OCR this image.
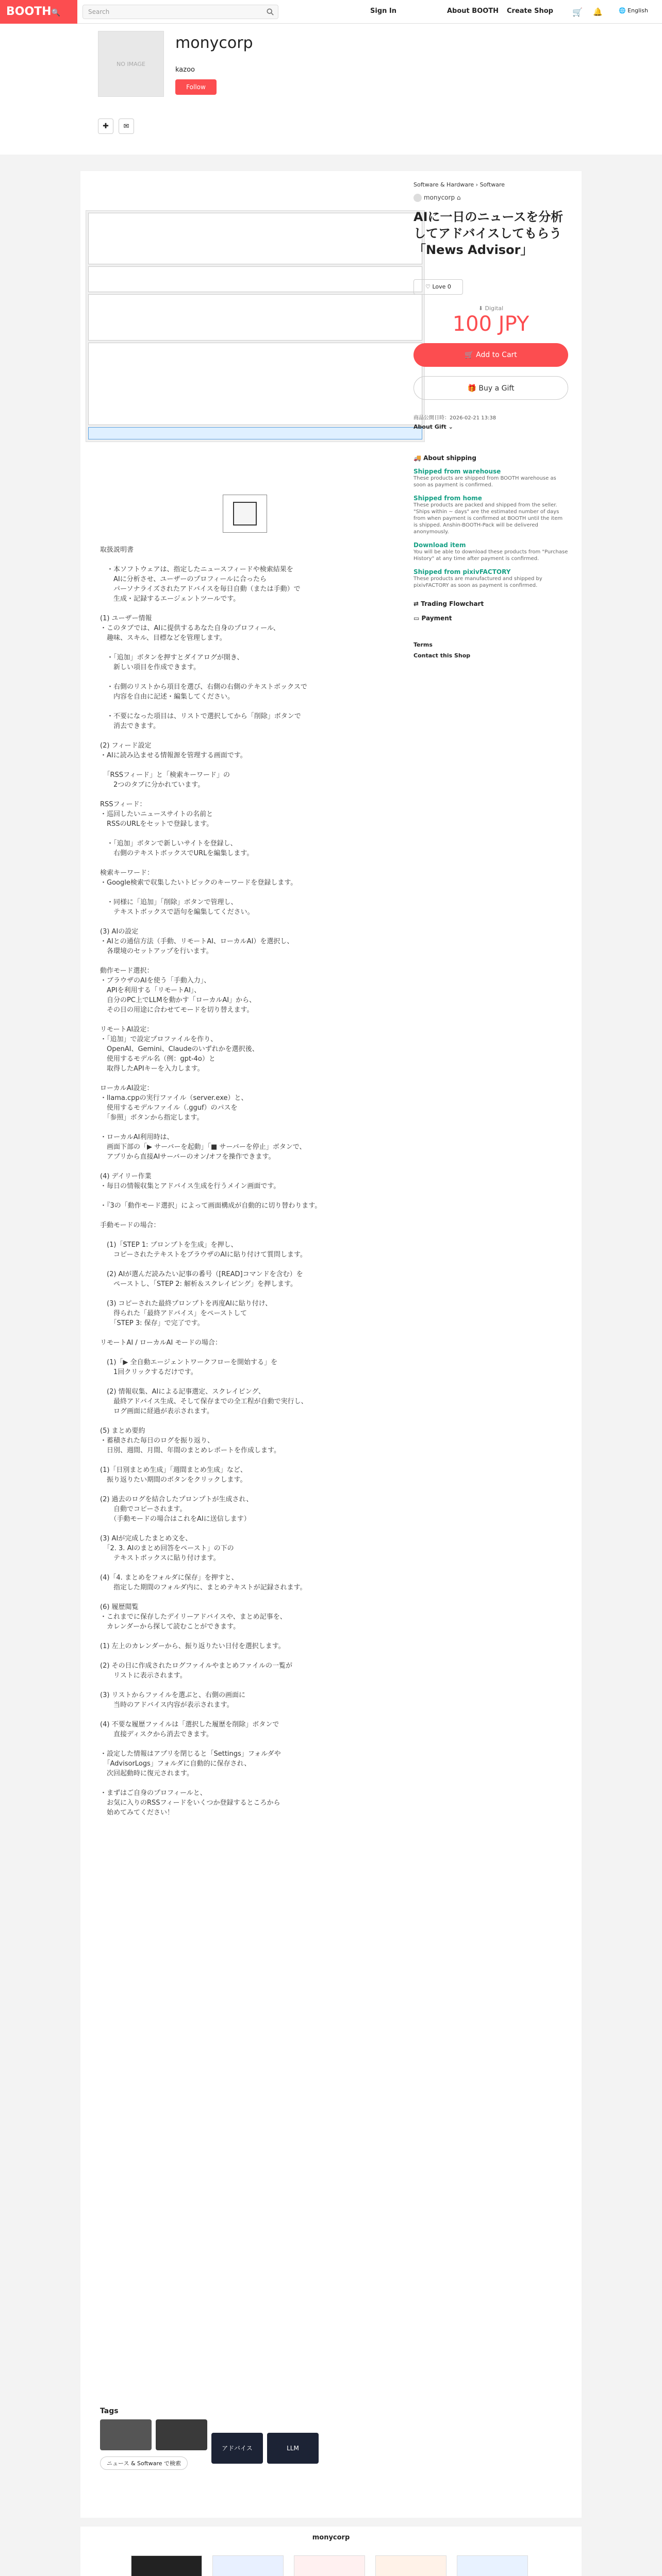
BOOTH🔍	Search	Sign In	About BOOTH Create Shop 🛒 🔔	🌐 English
NO IMAGE
monycorp
kazoo
Follow
✚ ✉
取扱説明書

　・本ソフトウェアは、指定したニュースフィードや検索結果を
　　AIに分析させ、ユーザーのプロフィールに合ったら
　　パーソナライズされたアドバイスを毎日自動（または手動）で
　　生成・記録するエージェントツールです。

(1) ユーザー情報
・このタブでは、AIに提供するあなた自身のプロフィール、
　趣味、スキル、目標などを管理します。

　・「追加」ボタンを押すとダイアログが開き、
　　新しい項目を作成できます。

　・右側のリストから項目を選び、右側の右側のテキストボックスで
　　内容を自由に記述・編集してください。

　・不要になった項目は、リストで選択してから「削除」ボタンで
　　消去できます。

(2) フィード設定
・AIに読み込ませる情報源を管理する画面です。

　「RSSフィード」と「検索キーワード」の
　　2つのタブに分かれています。

RSSフィード：
・巡回したいニュースサイトの名前と
　RSSのURLをセットで登録します。

　・「追加」ボタンで新しいサイトを登録し、
　　右側のテキストボックスでURLを編集します。

検索キーワード：
・Google検索で収集したいトピックのキーワードを登録します。

　・同様に「追加」「削除」ボタンで管理し、
　　テキストボックスで語句を編集してください。

(3) AIの設定
・AIとの通信方法（手動、リモートAI、ローカルAI）を選択し、
　各環境のセットアップを行います。

動作モード選択：
・ブラウザのAIを使う「手動入力」、
　APIを利用する「リモートAI」、
　自分のPC上でLLMを動かす「ローカルAI」から、
　その日の用途に合わせてモードを切り替えます。

リモートAI設定：
・「追加」で設定プロファイルを作り、
　OpenAI、Gemini、Claudeのいずれかを選択後、
　使用するモデル名（例：gpt-4o）と
　取得したAPIキーを入力します。

ローカルAI設定：
・llama.cppの実行ファイル（server.exe）と、
　使用するモデルファイル（.gguf）のパスを
　「参照」ボタンから指定します。

・ローカルAI利用時は、
　画面下部の「▶ サーバーを起動」「■ サーバーを停止」ボタンで、
　アプリから直接AIサーバーのオン/オフを操作できます。

(4) デイリー作業
・毎日の情報収集とアドバイス生成を行うメイン画面です。

・『3の「動作モード選択」によって画面構成が自動的に切り替わります。

手動モードの場合：

　(1)「STEP 1: プロンプトを生成」を押し、
　　コピーされたテキストをブラウザのAIに貼り付けて質問します。

　(2) AIが選んだ読みたい記事の番号（[READ]コマンドを含む）を
　　ペーストし、「STEP 2: 解析＆スクレイピング」を押します。

　(3) コピーされた最終プロンプトを再度AIに貼り付け、
　　得られた「最終アドバイス」をペーストして
　　「STEP 3: 保存」で完了です。

リモートAI / ローカルAI モードの場合：

　(1)「▶ 全自動エージェントワークフローを開始する」を
　　1回クリックするだけです。

　(2) 情報収集、AIによる記事選定、スクレイピング、
　　最終アドバイス生成、そして保存までの全工程が自動で実行し、
　　ログ画面に経過が表示されます。

(5) まとめ要約
・蓄積された毎日のログを振り返り、
　日別、週間、月間、年間のまとめレポートを作成します。

(1)「日別まとめ生成」「週間まとめ生成」など、
　振り返りたい期間のボタンをクリックします。

(2) 過去のログを結合したプロンプトが生成され、
　　自動でコピーされます。
　　（手動モードの場合はこれをAIに送信します）

(3) AIが完成したまとめ文を、
　「2. 3. AIのまとめ回答をペースト」の下の
　　テキストボックスに貼り付けます。

(4)「4. まとめをフォルダに保存」を押すと、
　　指定した期間のフォルダ内に、まとめテキストが記録されます。

(6) 履歴閲覧
・これまでに保存したデイリーアドバイスや、まとめ記事を、
　カレンダーから探して読むことができます。

(1) 左上のカレンダーから、振り返りたい日付を選択します。

(2) その日に作成されたログファイルやまとめファイルの一覧が
　　リストに表示されます。

(3) リストからファイルを選ぶと、右側の画面に
　　当時のアドバイス内容が表示されます。

(4) 不要な履歴ファイルは「選択した履歴を削除」ボタンで
　　直接ディスクから消去できます。

・設定した情報はアプリを閉じると「Settings」フォルダや
　「AdvisorLogs」フォルダに自動的に保存され、
　次回起動時に復元されます。

・まずはご自身のプロフィールと、
　お気に入りのRSSフィードをいくつか登録するところから
　始めてみてください！
Tags
アドバイス	LLM
ニュース & Software で検索
Software & Hardware › Software
monycorp ⌂
AIに一日のニュースを分析してアドバイスしてもらう「News Advisor」
♡ Love 0
⬇ Digital
100 JPY
🛒 Add to Cart
🎁 Buy a Gift
商品公開日時：2026-02-21 13:38
About Gift ⌄
🚚 About shipping
Shipped from warehouse
These products are shipped from BOOTH warehouse as soon as payment is confirmed.
Shipped from home
These products are packed and shipped from the seller. "Ships within ~ days" are the estimated number of days from when payment is confirmed at BOOTH until the item is shipped. Anshin-BOOTH-Pack will be delivered anonymously.
Download item
You will be able to download these products from "Purchase History" at any time after payment is confirmed.
Shipped from pixivFACTORY
These products are manufactured and shipped by pixivFACTORY as soon as payment is confirmed.
⇄ Trading Flowchart
▭ Payment
Terms
Contact this Shop
monycorp
